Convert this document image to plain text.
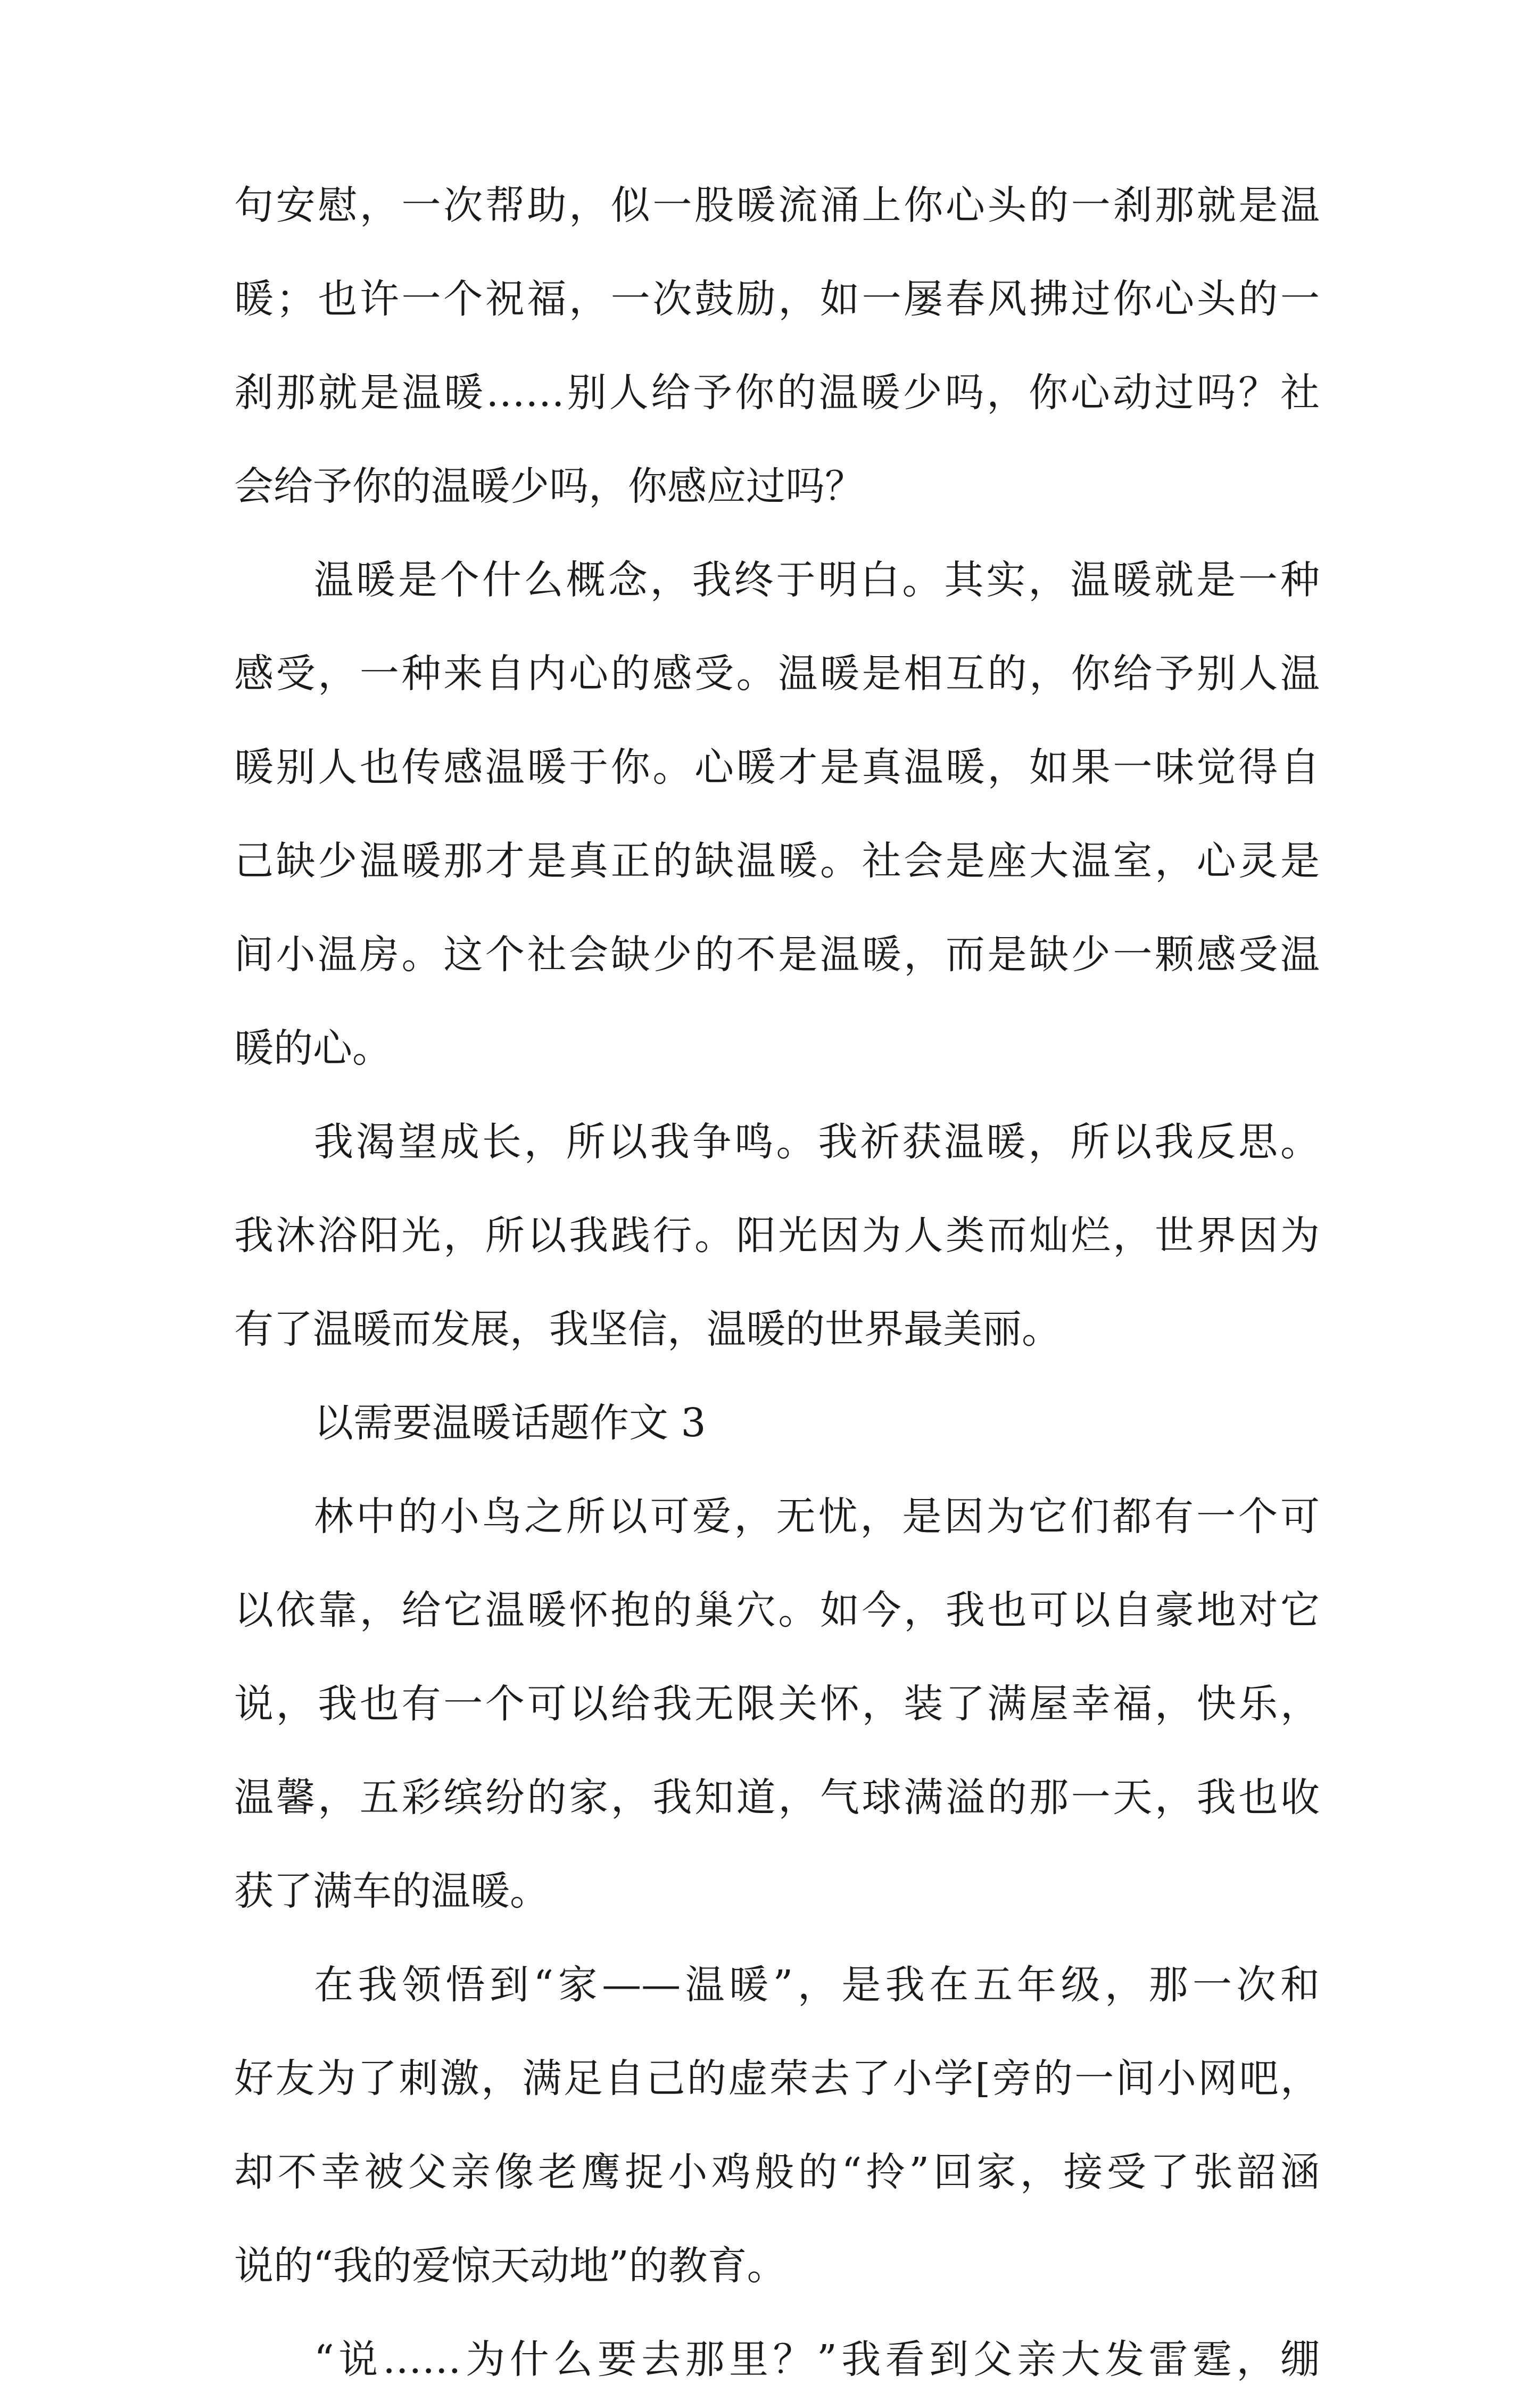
句安慰，一次帮助，似一股暖流涌上你心头的一刹那就是温
暖；也许一个祝福，一次鼓励，如一屡春风拂过你心头的一
刹那就是温暖……别人给予你的温暖少吗，你心动过吗？社
会给予你的温暖少吗，你感应过吗？
温暖是个什么概念，我终于明白。其实，温暖就是一种
感受，一种来自内心的感受。温暖是相互的，你给予别人温
暖别人也传感温暖于你。心暖才是真温暖，如果一味觉得自
己缺少温暖那才是真正的缺温暖。社会是座大温室，心灵是
间小温房。这个社会缺少的不是温暖，而是缺少一颗感受温
暖的心。
我渴望成长，所以我争鸣。我祈获温暖，所以我反思。
我沐浴阳光，所以我践行。阳光因为人类而灿烂，世界因为
有了温暖而发展，我坚信，温暖的世界最美丽。
以需要温暖话题作文 3
林中的小鸟之所以可爱，无忧，是因为它们都有一个可
以依靠，给它温暖怀抱的巢穴。如今，我也可以自豪地对它
说，我也有一个可以给我无限关怀，装了满屋幸福，快乐，
温馨，五彩缤纷的家，我知道，气球满溢的那一天，我也收
获了满车的温暖。
在我领悟到“家——温暖”，是我在五年级，那一次和
好友为了刺激，满足自己的虚荣去了小学[旁的一间小网吧，
却不幸被父亲像老鹰捉小鸡般的“拎”回家，接受了张韶涵
说的“我的爱惊天动地”的教育。
“说……为什么要去那里？”我看到父亲大发雷霆，绷
